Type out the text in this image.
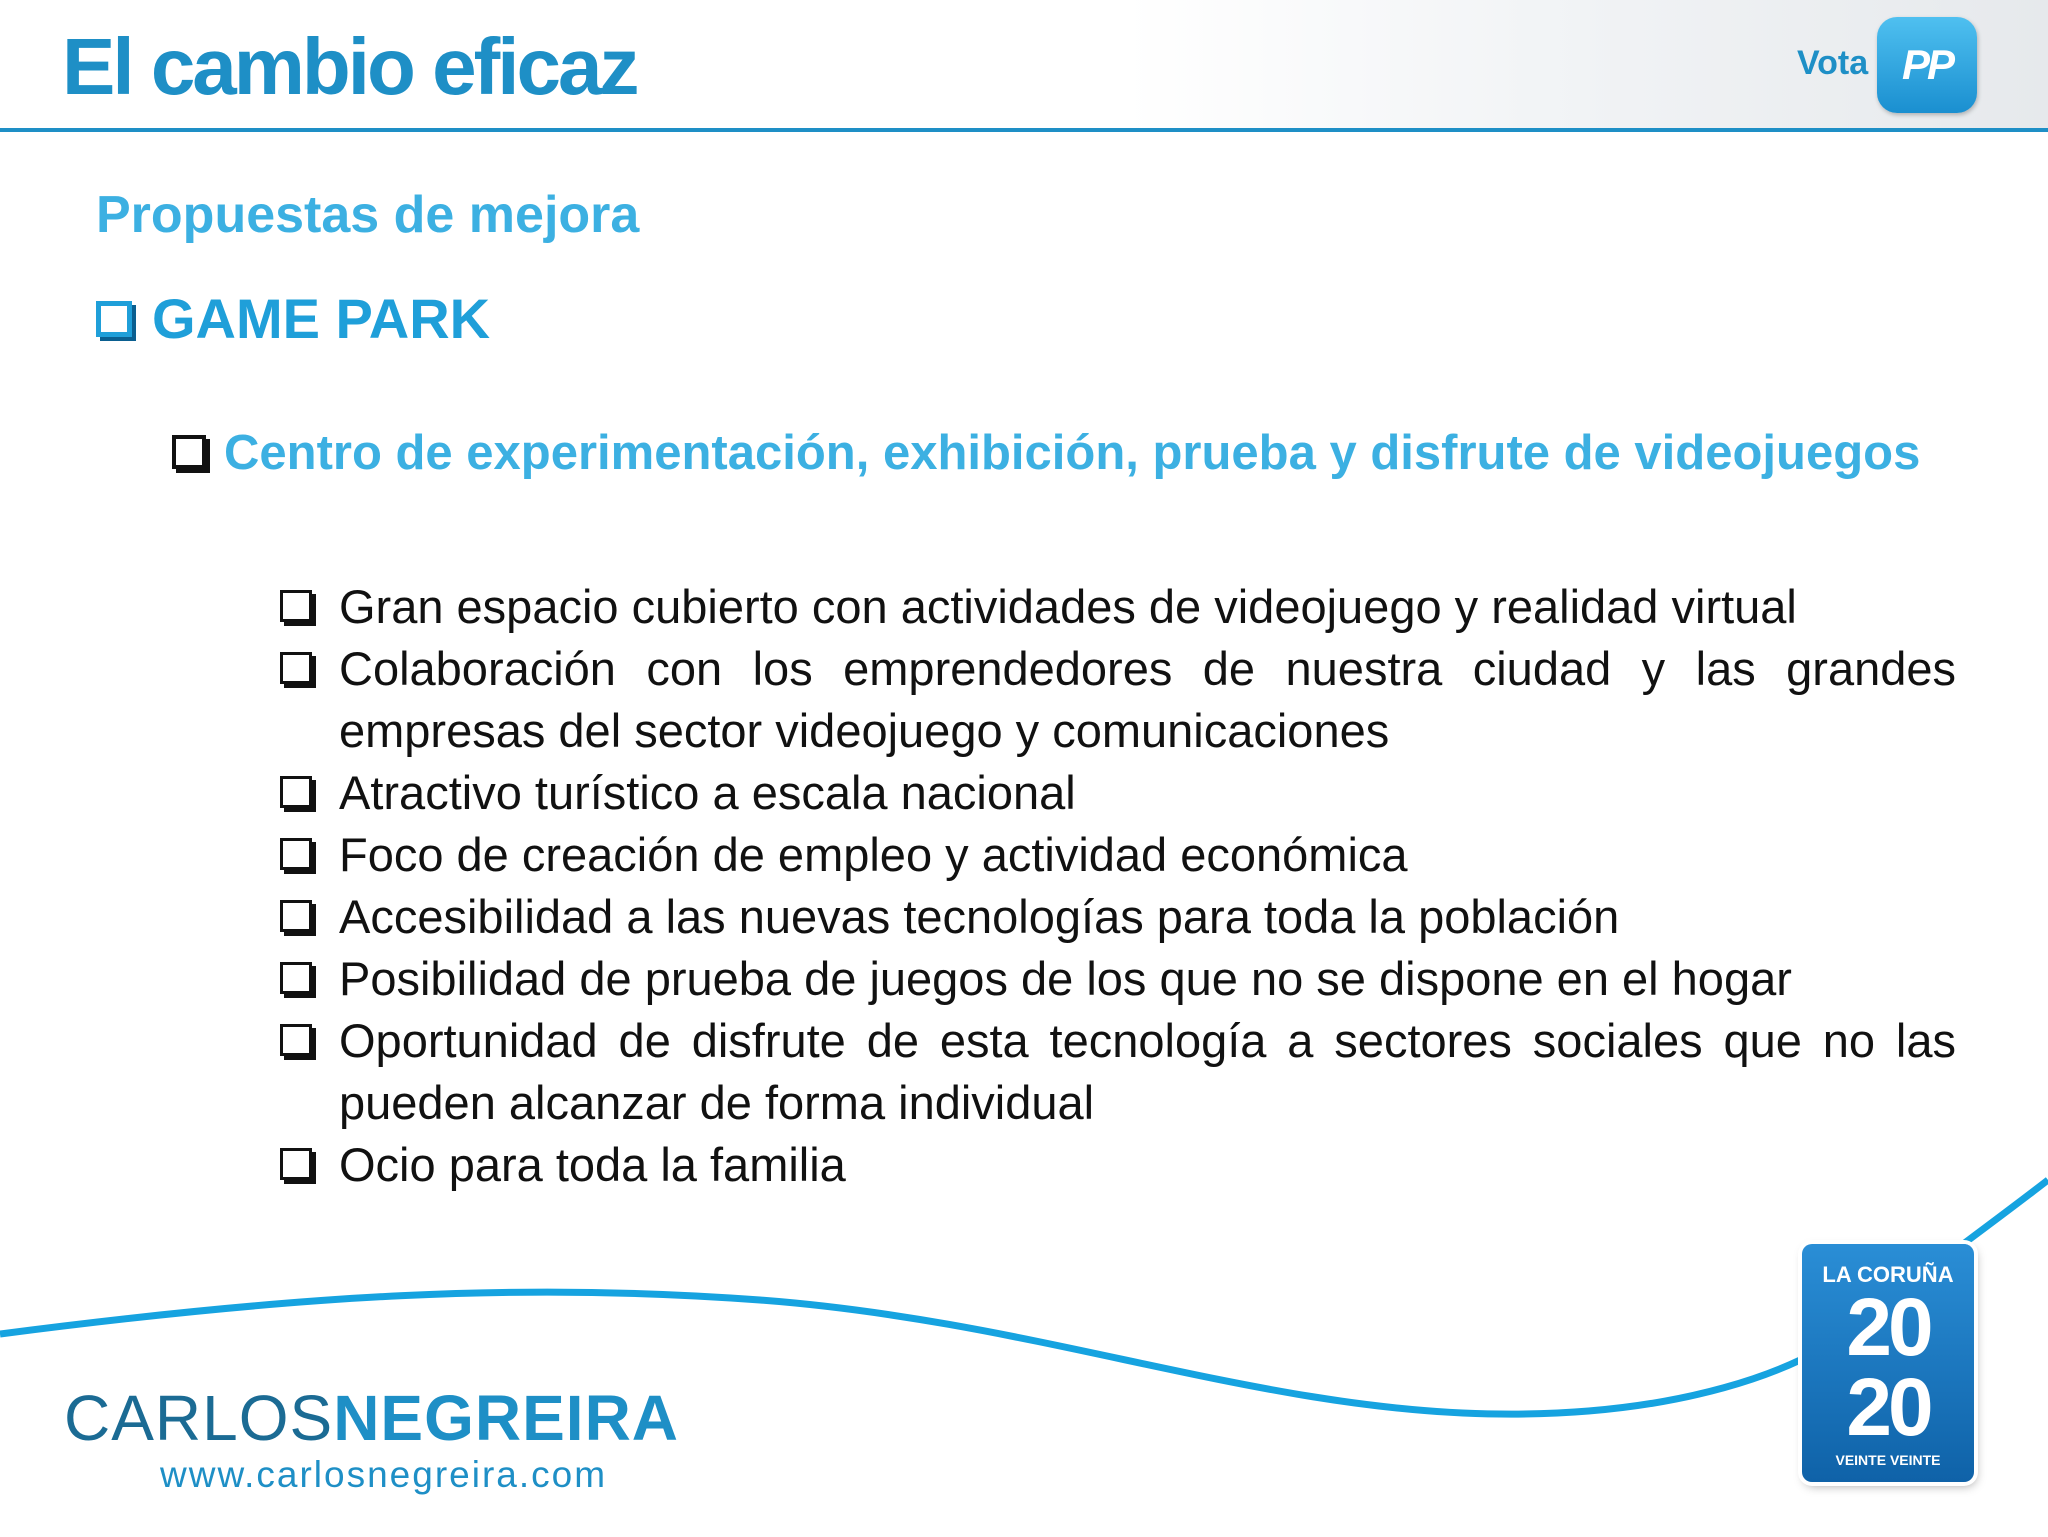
El cambio eficaz	Vota PP
Propuestas de mejora
GAME PARK

Centro de experimentación, exhibición, prueba y disfrute de videojuegos

Gran espacio cubierto con actividades de videojuego y realidad virtual
Colaboración con los emprendedores de nuestra ciudad y las grandes empresas del sector videojuego y comunicaciones
Atractivo turístico a escala nacional
Foco de creación de empleo y actividad económica
Accesibilidad a las nuevas tecnologías para toda la población
Posibilidad de prueba de juegos de los que no se dispone en el hogar
Oportunidad de disfrute de esta tecnología a sectores sociales que no las pueden alcanzar de forma individual
Ocio para toda la familia
CARLOSNEGREIRA
www.carlosnegreira.com
LA CORUÑA
20
20
VEINTE VEINTE
